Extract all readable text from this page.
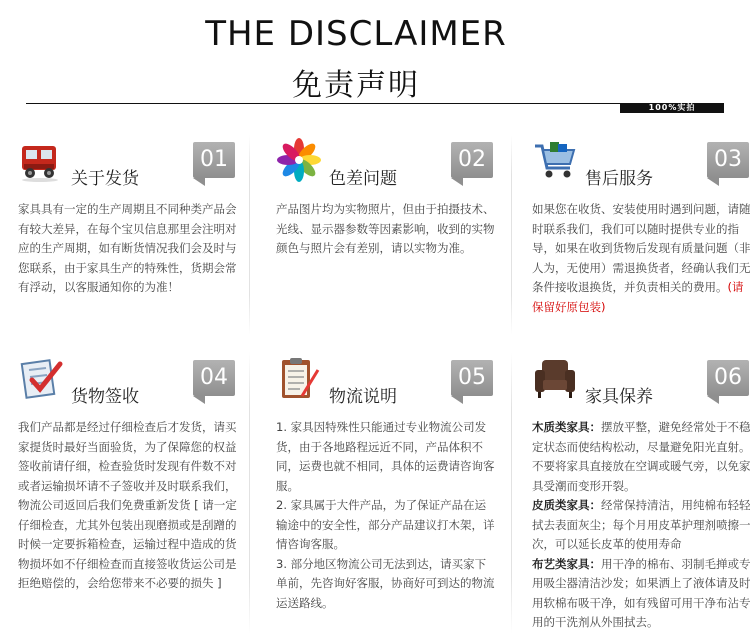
THE DISCLAIMER
免责声明
100%实拍
关于发货
01
家具具有一定的生产周期且不同种类产品会有较大差异，在每个宝贝信息那里会注明对应的生产周期，如有断货情况我们会及时与您联系，由于家具生产的特殊性，货期会常有浮动，以客服通知你的为准！
色差问题
02
产品图片均为实物照片，但由于拍摄技术、光线、显示器参数等因素影响，收到的实物颜色与照片会有差别，请以实物为准。
售后服务
03
如果您在收货、安装使用时遇到问题，请随时联系我们，我们可以随时提供专业的指导，如果在收到货物后发现有质量问题（非人为，无使用）需退换货者，经确认我们无条件接收退换货，并负责相关的费用。(请保留好原包装)
货物签收
04
我们产品都是经过仔细检查后才发货，请买家提货时最好当面验货，为了保障您的权益签收前请仔细，检查验货时发现有件数不对或者运输损坏请不子签收并及时联系我们，物流公司返回后我们免费重新发货 [ 请一定仔细检查，尤其外包装出现磨损或是刮蹭的时候一定要拆箱检查，运输过程中造成的货物损坏如不仔细检查而直接签收货运公司是拒绝赔偿的，会给您带来不必要的损失 ]
物流说明
05

1. 家具因特殊性只能通过专业物流公司发货，由于各地路程远近不同，产品体积不同，运费也就不相同，具体的运费请咨询客服。

2. 家具属于大件产品，为了保证产品在运输途中的安全性，部分产品建议打木架，详情咨询客服。

3. 部分地区物流公司无法到达，请买家下单前，先咨询好客服，协商好可到达的物流运送路线。

家具保养
06

木质类家具：摆放平整，避免经常处于不稳定状态而使结构松动，尽量避免阳光直射。不要将家具直接放在空调或暖气旁，以免家具受潮而变形开裂。

皮质类家具：经常保持清洁，用纯棉布轻轻拭去表面灰尘；每个月用皮革护理剂喷擦一次，可以延长皮革的使用寿命

布艺类家具：用干净的棉布、羽制毛掸或专用吸尘器清洁沙发；如果洒上了液体请及时用软棉布吸干净，如有残留可用干净布沾专用的干洗剂从外围拭去。
